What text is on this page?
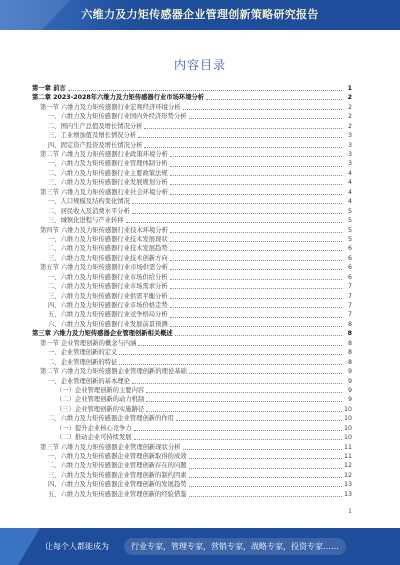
六维力及力矩传感器企业管理创新策略研究报告
内容目录
第一章 前言	1
第二章 2023-2028年六维力及力矩传感器行业市场环境分析	2
第一节 六维力及力矩传感器行业宏观经济环境分析	2
一、六维力及力矩传感器行业国内外经济形势分析	2
二、国内生产总值及增长情况分析	2
三、工业增加值及增长情况分析	3
四、固定资产投资及增长情况分析	3
第二节 六维力及力矩传感器行业政策环境分析	3
一、六维力及力矩传感器行业管理体制分析	3
二、六维力及力矩传感器行业主要政策法规	4
三、六维力及力矩传感器行业发展规划分析	4
第三节 六维力及力矩传感器行业社会环境分析	4
一、人口规模及结构变化情况	4
二、居民收入及消费水平分析	5
三、城镇化进程与产业转移	5
第四节 六维力及力矩传感器行业技术环境分析	5
一、六维力及力矩传感器行业技术发展现状	5
二、六维力及力矩传感器行业技术发展趋势	6
三、六维力及力矩传感器行业技术创新方向	6
第五节 六维力及力矩传感器行业市场供需分析	6
一、六维力及力矩传感器行业市场供给分析	6
二、六维力及力矩传感器行业市场需求分析	7
三、六维力及力矩传感器行业供需平衡分析	7
四、六维力及力矩传感器行业市场价格走势	7
五、六维力及力矩传感器行业竞争格局分析	7
六、六维力及力矩传感器行业发展前景预测	8
第三章 六维力及力矩传感器企业管理创新相关概述	8
第一节 企业管理创新的概念与内涵	8
一、企业管理创新的定义	8
二、企业管理创新的特征	8
第二节 六维力及力矩传感器企业管理创新的理论基础	9
一、企业管理创新的基本理论	9
（一）企业管理创新的主要内容	9
（二）企业管理创新的动力机制	9
（三）企业管理创新的实施路径	10
二、六维力及力矩传感器企业管理创新的作用	10
（一）提升企业核心竞争力	10
（二）推动企业可持续发展	10
第三节 六维力及力矩传感器企业管理创新现状分析	11
一、六维力及力矩传感器企业管理创新取得的成效	11
二、六维力及力矩传感器企业管理创新存在的问题	12
三、六维力及力矩传感器企业管理创新的制约因素	12
四、六维力及力矩传感器企业管理创新的发展趋势	13
五、六维力及力矩传感器企业管理创新的经验借鉴	13
1
让每个人都能成为	行业专家，管理专家，营销专家，战略专家，投资专家……
